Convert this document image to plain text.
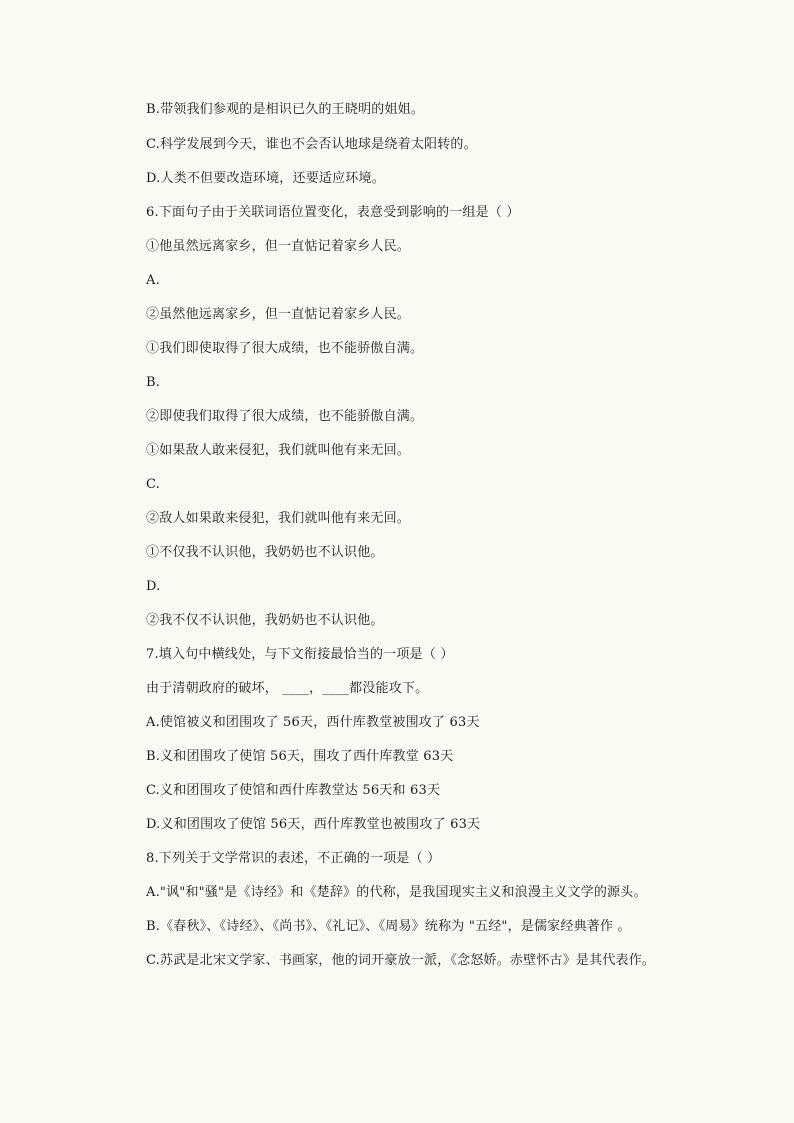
B.带领我们参观的是相识已久的王晓明的姐姐。
C.科学发展到今天，谁也不会否认地球是绕着太阳转的。
D.人类不但要改造环境，还要适应环境。
6.下面句子由于关联词语位置变化，表意受到影响的一组是（ ）
①他虽然远离家乡，但一直惦记着家乡人民。
A.
②虽然他远离家乡，但一直惦记着家乡人民。
①我们即使取得了很大成绩，也不能骄傲自满。
B.
②即使我们取得了很大成绩，也不能骄傲自满。
①如果敌人敢来侵犯，我们就叫他有来无回。
C.
②敌人如果敢来侵犯，我们就叫他有来无回。
①不仅我不认识他，我奶奶也不认识他。
D.
②我不仅不认识他，我奶奶也不认识他。
7.填入句中横线处，与下文衔接最恰当的一项是（ ）
由于清朝政府的破坏， ____，____都没能攻下。
A.使馆被义和团围攻了 56天，西什库教堂被围攻了 63天
B.义和团围攻了使馆 56天，围攻了西什库教堂 63天
C.义和团围攻了使馆和西什库教堂达 56天和 63天
D.义和团围攻了使馆 56天，西什库教堂也被围攻了 63天
8.下列关于文学常识的表述，不正确的一项是（ ）
A."讽"和"骚"是《诗经》和《楚辞》的代称，是我国现实主义和浪漫主义文学的源头。
B.《春秋》、《诗经》、《尚书》、《礼记》、《周易》统称为 "五经"，是儒家经典著作 。
C.苏武是北宋文学家、书画家，他的词开豪放一派，《念怒娇。赤壁怀古》是其代表作。
